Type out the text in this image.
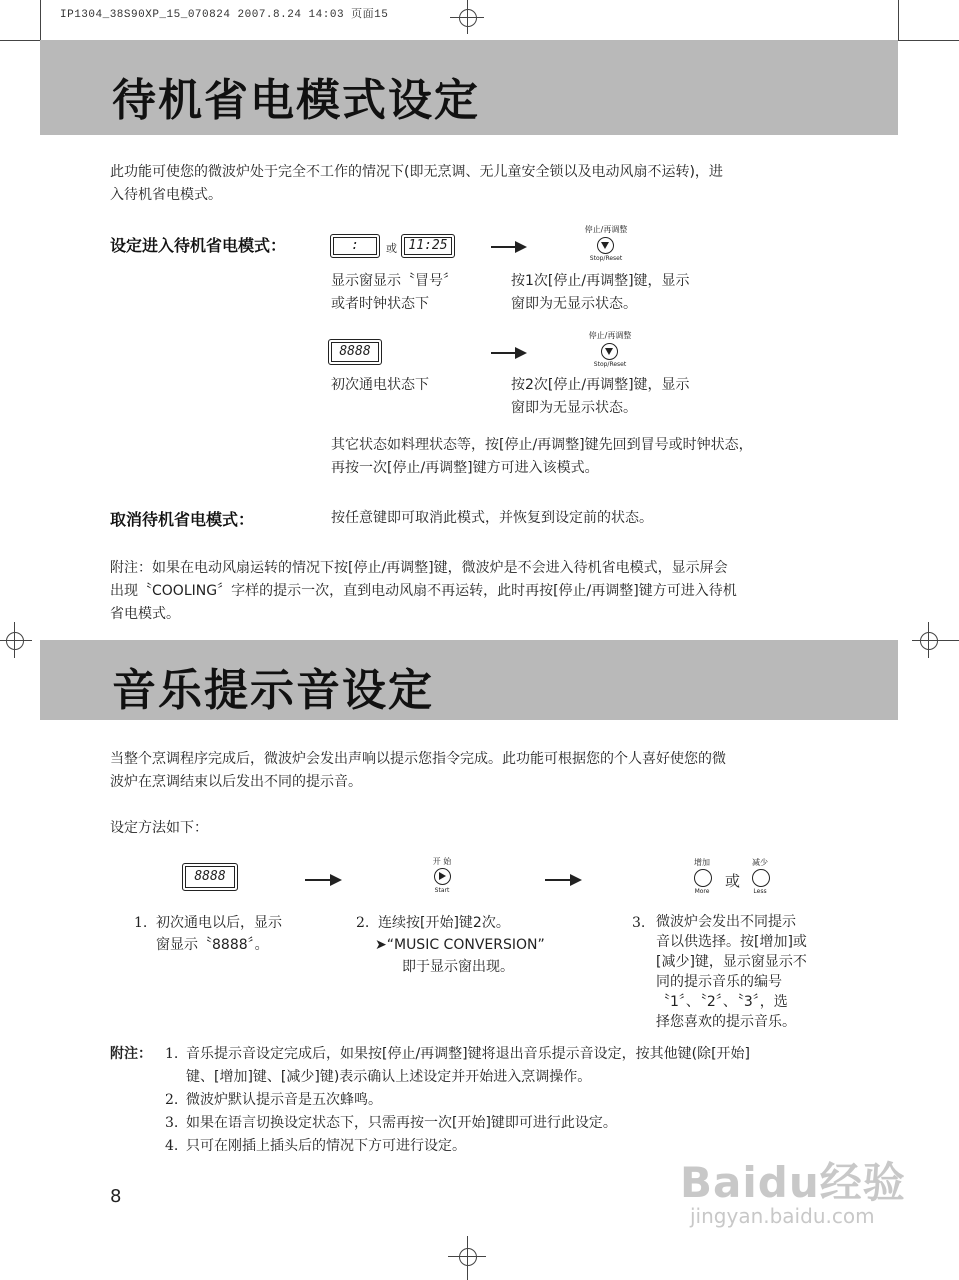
IP1304_38S90XP_15_070824 2007.8.24 14:03 页面15
待机省电模式设定
此功能可使您的微波炉处于完全不工作的情况下(即无烹调、无儿童安全锁以及电动风扇不运转)，进
入待机省电模式。
设定进入待机省电模式：	:	或 11:25
停止/再调整
Stop/Reset
显示窗显示〝冒号〞
或者时钟状态下
按1次[停止/再调整]键，显示
窗即为无显示状态。
8888
停止/再调整
Stop/Reset
初次通电状态下	按2次[停止/再调整]键，显示
窗即为无显示状态。
其它状态如料理状态等，按[停止/再调整]键先回到冒号或时钟状态，
再按一次[停止/再调整]键方可进入该模式。
取消待机省电模式：	按任意键即可取消此模式，并恢复到设定前的状态。
附注：如果在电动风扇运转的情况下按[停止/再调整]键，微波炉是不会进入待机省电模式，显示屏会
出现〝COOLING〞字样的提示一次，直到电动风扇不再运转，此时再按[停止/再调整]键方可进入待机
省电模式。
音乐提示音设定
当整个烹调程序完成后，微波炉会发出声响以提示您指令完成。此功能可根据您的个人喜好使您的微
波炉在烹调结束以后发出不同的提示音。
设定方法如下：
8888
开 始
Start
增加
More
或
减少
Less
1. 初次通电以后，显示
窗显示〝8888〞。
2. 连续按[开始]键2次。
➤“MUSIC CONVERSION”
即于显示窗出现。
3. 微波炉会发出不同提示
音以供选择。按[增加]或
[减少]键，显示窗显示不
同的提示音乐的编号
〝1〞、〝2〞、〝3〞，选
择您喜欢的提示音乐。
附注： 1. 音乐提示音设定完成后，如果按[停止/再调整]键将退出音乐提示音设定，按其他键(除[开始]
键、[增加]键、[减少]键)表示确认上述设定并开始进入烹调操作。
2. 微波炉默认提示音是五次蜂鸣。
3. 如果在语言切换设定状态下，只需再按一次[开始]键即可进行此设定。
4. 只可在刚插上插头后的情况下方可进行设定。
8	Baidu经验
jingyan.baidu.com
